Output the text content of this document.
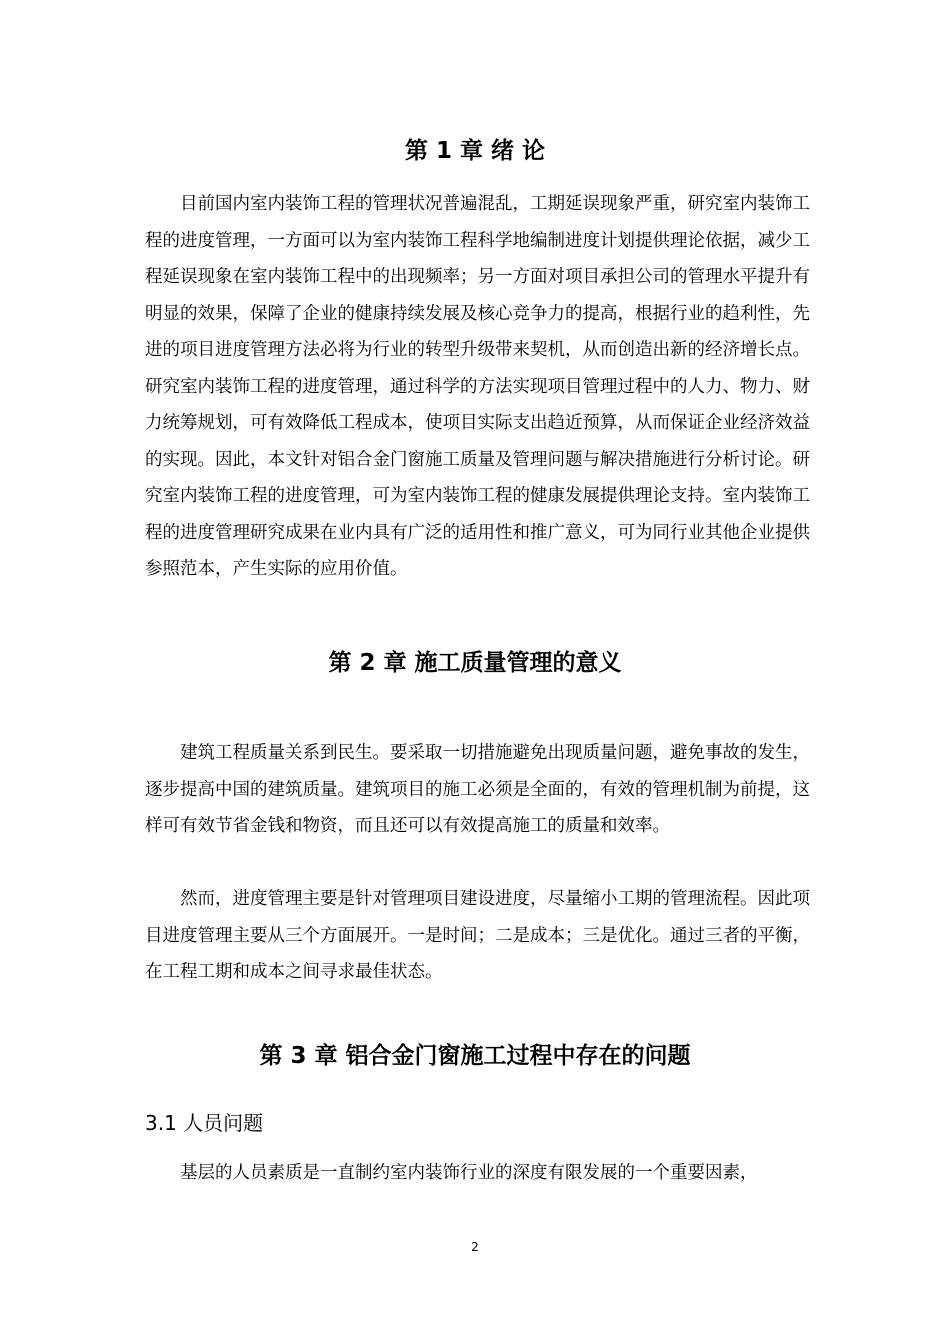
第 1 章 绪 论

目前国内室内装饰工程的管理状况普遍混乱，工期延误现象严重，研究室内装饰工程的进度管理，一方面可以为室内装饰工程科学地编制进度计划提供理论依据，减少工程延误现象在室内装饰工程中的出现频率；另一方面对项目承担公司的管理水平提升有明显的效果，保障了企业的健康持续发展及核心竞争力的提高，根据行业的趋利性，先进的项目进度管理方法必将为行业的转型升级带来契机，从而创造出新的经济增长点。研究室内装饰工程的进度管理，通过科学的方法实现项目管理过程中的人力、物力、财力统筹规划，可有效降低工程成本，使项目实际支出趋近预算，从而保证企业经济效益的实现。因此，本文针对铝合金门窗施工质量及管理问题与解决措施进行分析讨论。研究室内装饰工程的进度管理，可为室内装饰工程的健康发展提供理论支持。室内装饰工程的进度管理研究成果在业内具有广泛的适用性和推广意义，可为同行业其他企业提供参照范本，产生实际的应用价值。

第 2 章 施工质量管理的意义

建筑工程质量关系到民生。要采取一切措施避免出现质量问题，避免事故的发生，逐步提高中国的建筑质量。建筑项目的施工必须是全面的，有效的管理机制为前提，这样可有效节省金钱和物资，而且还可以有效提高施工的质量和效率。

然而，进度管理主要是针对管理项目建设进度，尽量缩小工期的管理流程。因此项目进度管理主要从三个方面展开。一是时间；二是成本；三是优化。通过三者的平衡，在工程工期和成本之间寻求最佳状态。

第 3 章 铝合金门窗施工过程中存在的问题
3.1 人员问题

基层的人员素质是一直制约室内装饰行业的深度有限发展的一个重要因素，

2
